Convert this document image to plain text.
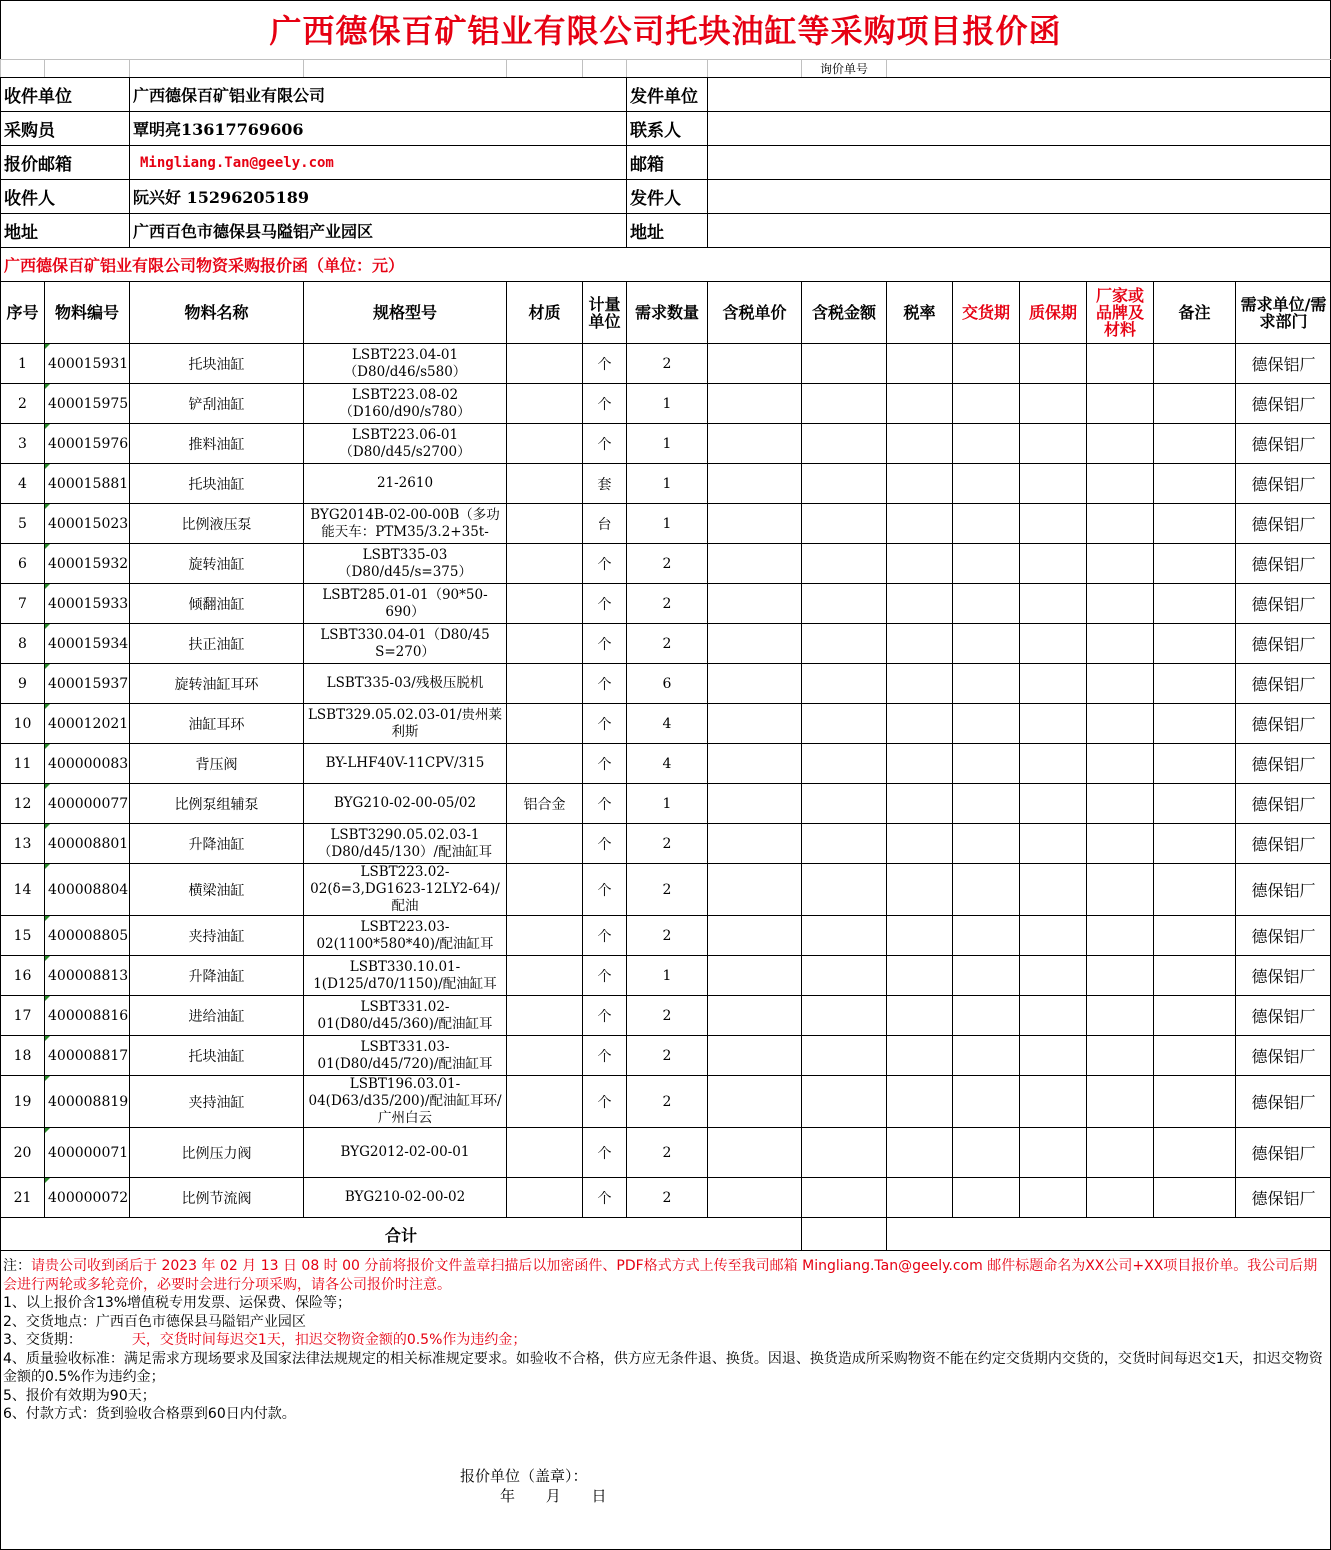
广西德保百矿铝业有限公司托块油缸等采购项目报价函
								询价单号	
收件单位	广西德保百矿铝业有限公司	发件单位	
采购员	覃明亮13617769606	联系人	
报价邮箱	Mingliang.Tan@geely.com	邮箱	
收件人	阮兴好 15296205189	发件人	
地址	广西百色市德保县马隘铝产业园区	地址	
广西德保百矿铝业有限公司物资采购报价函（单位：元）
序号	物料编号	物料名称	规格型号	材质	计量单位	需求数量	含税单价	含税金额	税率	交货期	质保期	厂家或品牌及材料	备注	需求单位/需求部门
1	400015931	托块油缸	LSBT223.04-01（D80/d46/s580）		个	2								德保铝厂
2	400015975	铲刮油缸	LSBT223.08-02（D160/d90/s780）		个	1								德保铝厂
3	400015976	推料油缸	LSBT223.06-01（D80/d45/s2700）		个	1								德保铝厂
4	400015881	托块油缸	21-2610		套	1								德保铝厂
5	400015023	比例液压泵	BYG2014B-02-00-00B（多功能天车：PTM35/3.2+35t-		台	1								德保铝厂
6	400015932	旋转油缸	LSBT335-03（D80/d45/s=375）		个	2								德保铝厂
7	400015933	倾翻油缸	LSBT285.01-01（90*50-690）		个	2								德保铝厂
8	400015934	扶正油缸	LSBT330.04-01（D80/45 S=270）		个	2								德保铝厂
9	400015937	旋转油缸耳环	LSBT335-03/残极压脱机		个	6								德保铝厂
10	400012021	油缸耳环	LSBT329.05.02.03-01/贵州莱利斯		个	4								德保铝厂
11	400000083	背压阀	BY-LHF40V-11CPV/315		个	4								德保铝厂
12	400000077	比例泵组辅泵	BYG210-02-00-05/02	铝合金	个	1								德保铝厂
13	400008801	升降油缸	LSBT3290.05.02.03-1（D80/d45/130）/配油缸耳		个	2								德保铝厂
14	400008804	横梁油缸	LSBT223.02-02(δ=3,DG1623-12LY2-64)/配油		个	2								德保铝厂
15	400008805	夹持油缸	LSBT223.03-02(1100*580*40)/配油缸耳		个	2								德保铝厂
16	400008813	升降油缸	LSBT330.10.01-1(D125/d70/1150)/配油缸耳		个	1								德保铝厂
17	400008816	进给油缸	LSBT331.02-01(D80/d45/360)/配油缸耳		个	2								德保铝厂
18	400008817	托块油缸	LSBT331.03-01(D80/d45/720)/配油缸耳		个	2								德保铝厂
19	400008819	夹持油缸	LSBT196.03.01-04(D63/d35/200)/配油缸耳环/广州白云		个	2								德保铝厂
20	400000071	比例压力阀	BYG2012-02-00-01		个	2								德保铝厂
21	400000072	比例节流阀	BYG210-02-00-02		个	2								德保铝厂
合计														

注：请贵公司收到函后于 2023 年 02 月 13 日 08 时 00 分前将报价文件盖章扫描后以加密函件、PDF格式方式上传至我司邮箱 Mingliang.Tan@geely.com 邮件标题命名为XX公司+XX项目报价单。我公司后期会进行两轮或多轮竞价，必要时会进行分项采购，请各公司报价时注意。

1、以上报价含13%增值税专用发票、运保费、保险等；

2、交货地点：广西百色市德保县马隘铝产业园区

3、交货期：	天，交货时间每迟交1天，扣迟交物资金额的0.5%作为违约金；

4、质量验收标准：满足需求方现场要求及国家法律法规规定的相关标准规定要求。如验收不合格，供方应无条件退、换货。因退、换货造成所采购物资不能在约定交货期内交货的，交货时间每迟交1天，扣迟交物资金额的0.5%作为违约金；

5、报价有效期为90天；

6、付款方式：货到验收合格票到60日内付款。

报价单位（盖章）：
年 月 日
